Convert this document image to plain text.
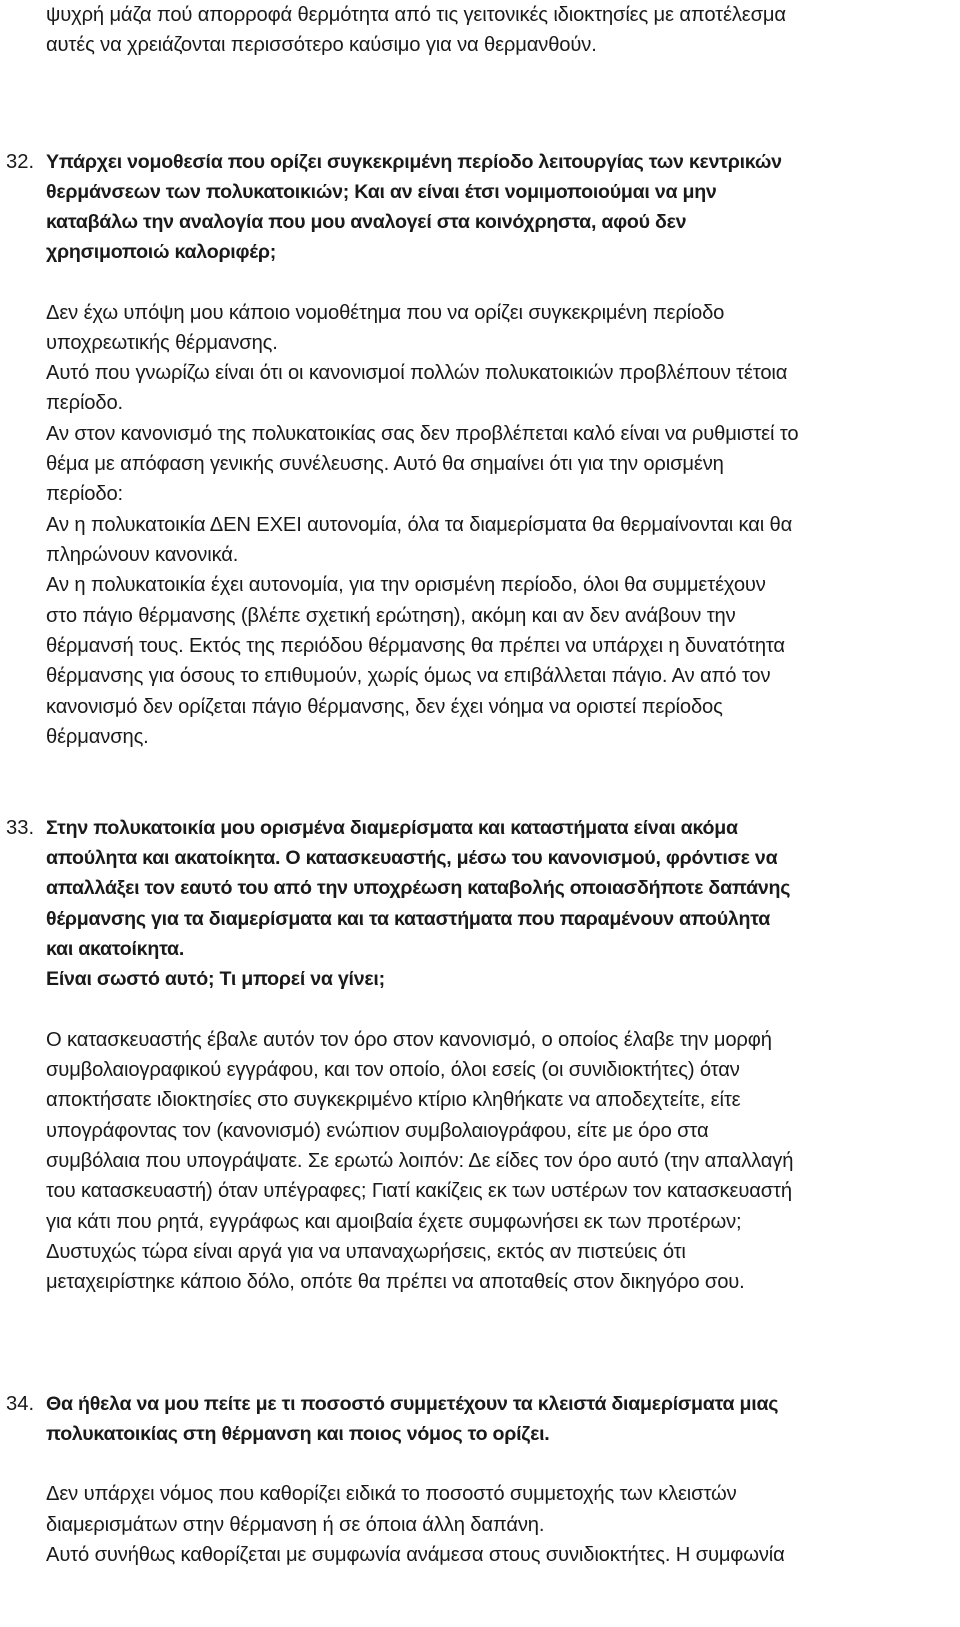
ψυχρή μάζα πού απορροφά θερμότητα από τις γειτονικές ιδιοκτησίες με αποτέλεσμα
αυτές να χρειάζονται περισσότερο καύσιμο για να θερμανθούν.
32. Υπάρχει νομοθεσία που ορίζει συγκεκριμένη περίοδο λειτουργίας των κεντρικών
θερμάνσεων των πολυκατοικιών; Και αν είναι έτσι νομιμοποιούμαι να μην
καταβάλω την αναλογία που μου αναλογεί στα κοινόχρηστα, αφού δεν
χρησιμοποιώ καλοριφέρ;
Δεν έχω υπόψη μου κάποιο νομοθέτημα που να ορίζει συγκεκριμένη περίοδο
υποχρεωτικής θέρμανσης.
Αυτό που γνωρίζω είναι ότι οι κανονισμοί πολλών πολυκατοικιών προβλέπουν τέτοια
περίοδο.
Αν στον κανονισμό της πολυκατοικίας σας δεν προβλέπεται καλό είναι να ρυθμιστεί το
θέμα με απόφαση γενικής συνέλευσης. Αυτό θα σημαίνει ότι για την ορισμένη
περίοδο:
Αν η πολυκατοικία ΔΕΝ ΕΧΕΙ αυτονομία, όλα τα διαμερίσματα θα θερμαίνονται και θα
πληρώνουν κανονικά.
Αν η πολυκατοικία έχει αυτονομία, για την ορισμένη περίοδο, όλοι θα συμμετέχουν
στο πάγιο θέρμανσης (βλέπε σχετική ερώτηση), ακόμη και αν δεν ανάβουν την
θέρμανσή τους. Εκτός της περιόδου θέρμανσης θα πρέπει να υπάρχει η δυνατότητα
θέρμανσης για όσους το επιθυμούν, χωρίς όμως να επιβάλλεται πάγιο. Αν από τον
κανονισμό δεν ορίζεται πάγιο θέρμανσης, δεν έχει νόημα να οριστεί περίοδος
θέρμανσης.
33. Στην πολυκατοικία μου ορισμένα διαμερίσματα και καταστήματα είναι ακόμα
απούλητα και ακατοίκητα. Ο κατασκευαστής, μέσω του κανονισμού, φρόντισε να
απαλλάξει τον εαυτό του από την υποχρέωση καταβολής οποιασδήποτε δαπάνης
θέρμανσης για τα διαμερίσματα και τα καταστήματα που παραμένουν απούλητα
και ακατοίκητα.
Είναι σωστό αυτό; Τι μπορεί να γίνει;
Ο κατασκευαστής έβαλε αυτόν τον όρο στον κανονισμό, ο οποίος έλαβε την μορφή
συμβολαιογραφικού εγγράφου, και τον οποίο, όλοι εσείς (οι συνιδιοκτήτες) όταν
αποκτήσατε ιδιοκτησίες στο συγκεκριμένο κτίριο κληθήκατε να αποδεχτείτε, είτε
υπογράφοντας τον (κανονισμό) ενώπιον συμβολαιογράφου, είτε με όρο στα
συμβόλαια που υπογράψατε. Σε ερωτώ λοιπόν: Δε είδες τον όρο αυτό (την απαλλαγή
του κατασκευαστή) όταν υπέγραφες; Γιατί κακίζεις εκ των υστέρων τον κατασκευαστή
για κάτι που ρητά, εγγράφως και αμοιβαία έχετε συμφωνήσει εκ των προτέρων;
Δυστυχώς τώρα είναι αργά για να υπαναχωρήσεις, εκτός αν πιστεύεις ότι
μεταχειρίστηκε κάποιο δόλο, οπότε θα πρέπει να αποταθείς στον δικηγόρο σου.
34. Θα ήθελα να μου πείτε με τι ποσοστό συμμετέχουν τα κλειστά διαμερίσματα μιας
πολυκατοικίας στη θέρμανση και ποιος νόμος το ορίζει.
Δεν υπάρχει νόμος που καθορίζει ειδικά το ποσοστό συμμετοχής των κλειστών
διαμερισμάτων στην θέρμανση ή σε όποια άλλη δαπάνη.
Αυτό συνήθως καθορίζεται με συμφωνία ανάμεσα στους συνιδιοκτήτες. Η συμφωνία
